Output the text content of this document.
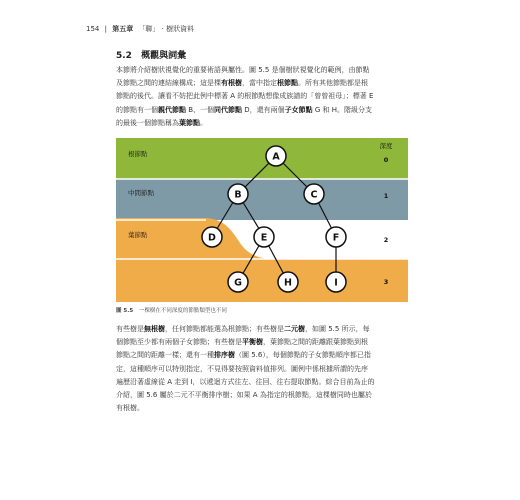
154 | 第五章 「聯」 ‧ 樹狀資料
5.2 概觀與詞彙
本節將介紹樹狀視覺化的重要術語與屬性。圖 5.5 是個樹狀視覺化的範例，由節點
及節點之間的連結線構成；這是棵有根樹，當中指定根節點。所有其他節點都是根
節點的後代。讓看不妨把此例中標著 A 的根節點想像成族譜的「曾曾祖母」；標著 E
的節點有一個親代節點 B、一個同代節點 D，還有兩個子女節點 G 和 H。階級分支
的最後一個節點稱為葉節點。
根節點
中間節點
葉節點
深度
0
1
2
3
A
B	C
D	E	F
G	H	I
圖 5.5 一棵樹在不同深度的節點類型也不同
有些樹是無根樹，任何節點都能選為根節點；有些樹是二元樹，如圖 5.5 所示，每
個節點至少都有兩個子女節點；有些樹是平衡樹，葉節點之間的距離跟葉節點到根
節點之間的距離一樣；還有一種排序樹（圖 5.6），每個節點的子女節點順序都已指
定，這種順序可以特別指定，不見得要按照資料值排列。圖例中係根據所謂的先序
遍歷沿著虛線從 A 走到 I，以遞迴方式往左、往回、往右提取節點。綜合目前為止的
介紹，圖 5.6 屬於二元不平衡排序樹；如果 A 為指定的根節點，這棵樹同時也屬於
有根樹。
